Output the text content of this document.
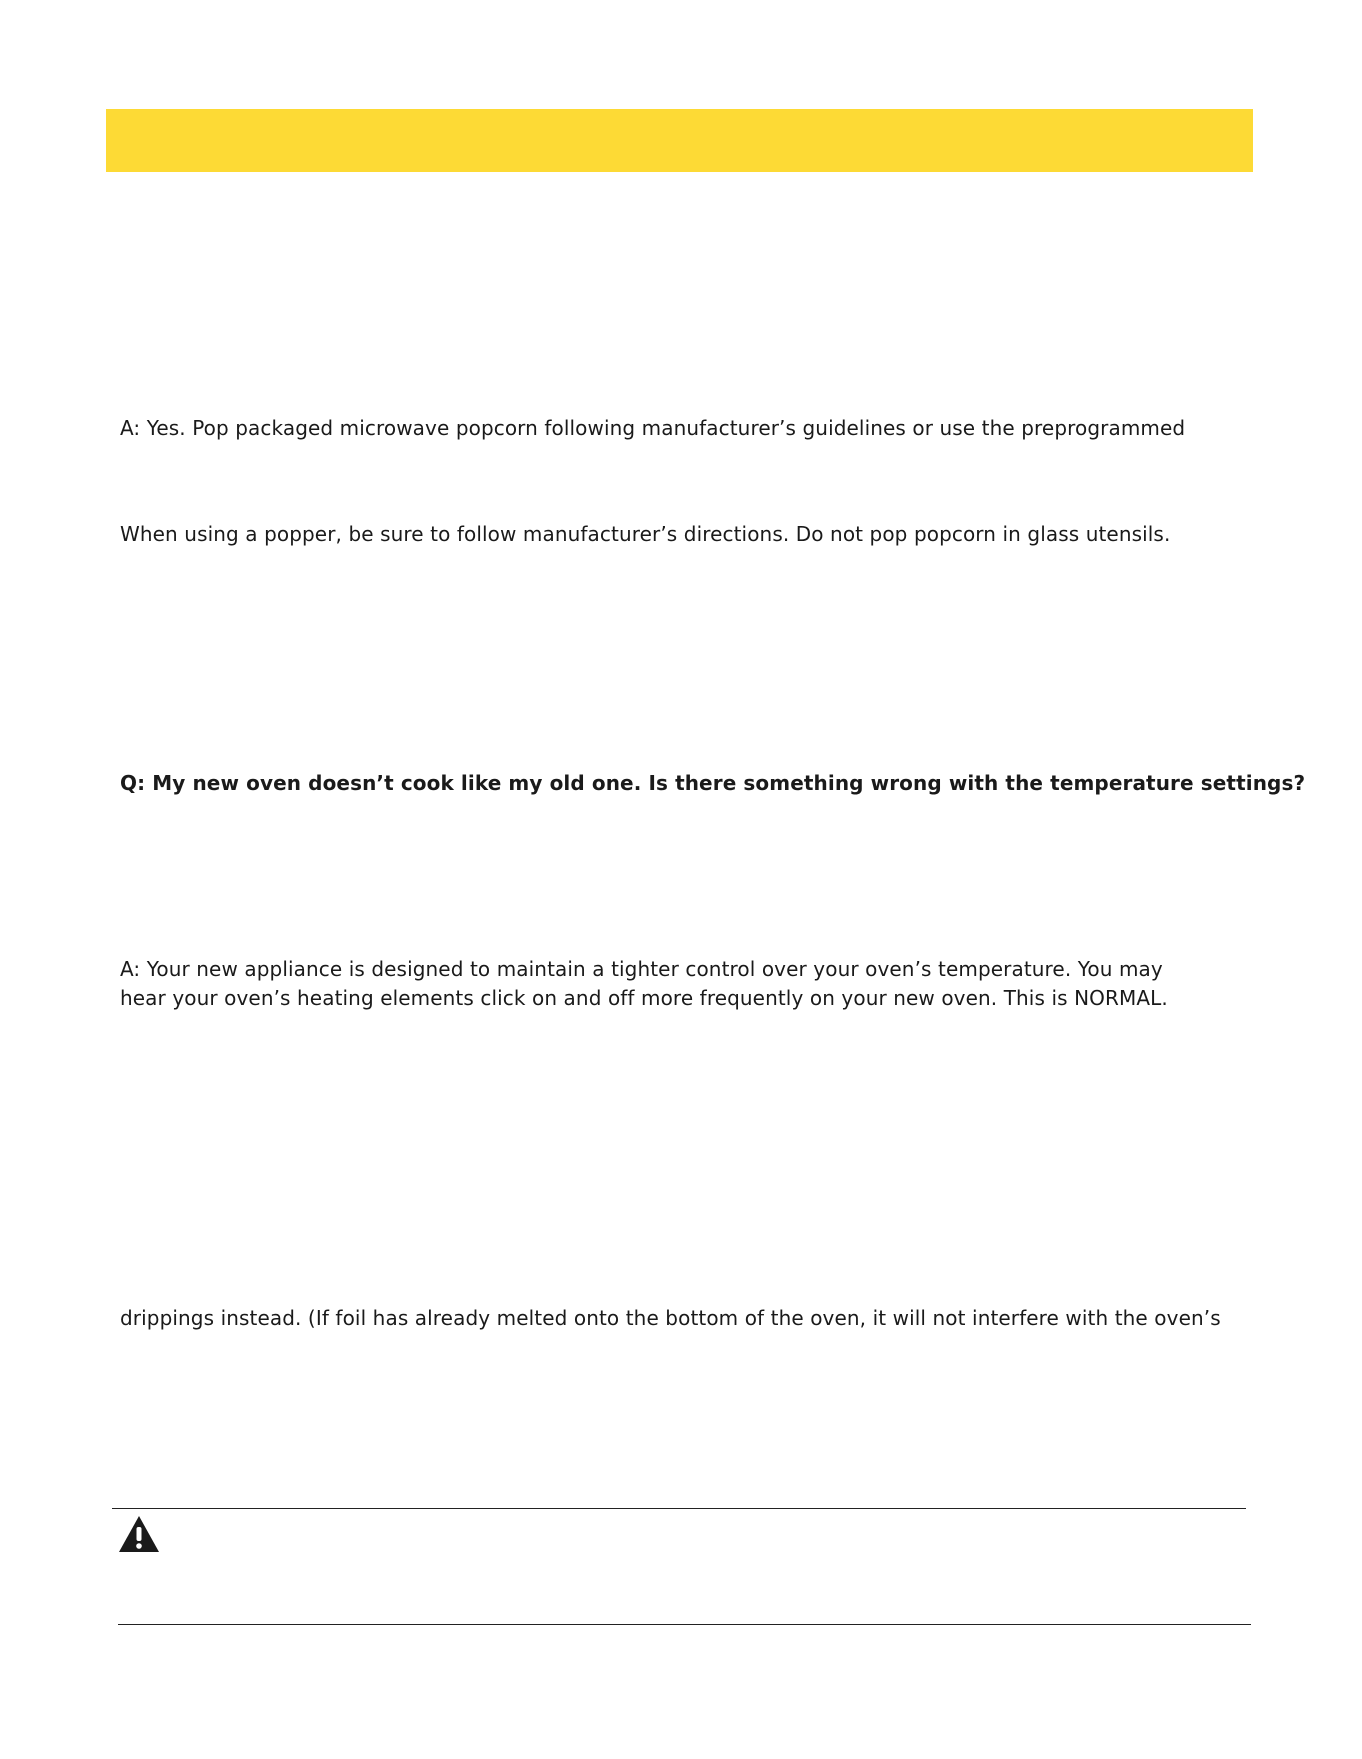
A: Yes. Pop packaged microwave popcorn following manufacturer’s guidelines or use the preprogrammed
When using a popper, be sure to follow manufacturer’s directions. Do not pop popcorn in glass utensils.
Q: My new oven doesn’t cook like my old one. Is there something wrong with the temperature settings?
A: Your new appliance is designed to maintain a tighter control over your oven’s temperature. You may
hear your oven’s heating elements click on and off more frequently on your new oven. This is NORMAL.
drippings instead. (If foil has already melted onto the bottom of the oven, it will not interfere with the oven’s
